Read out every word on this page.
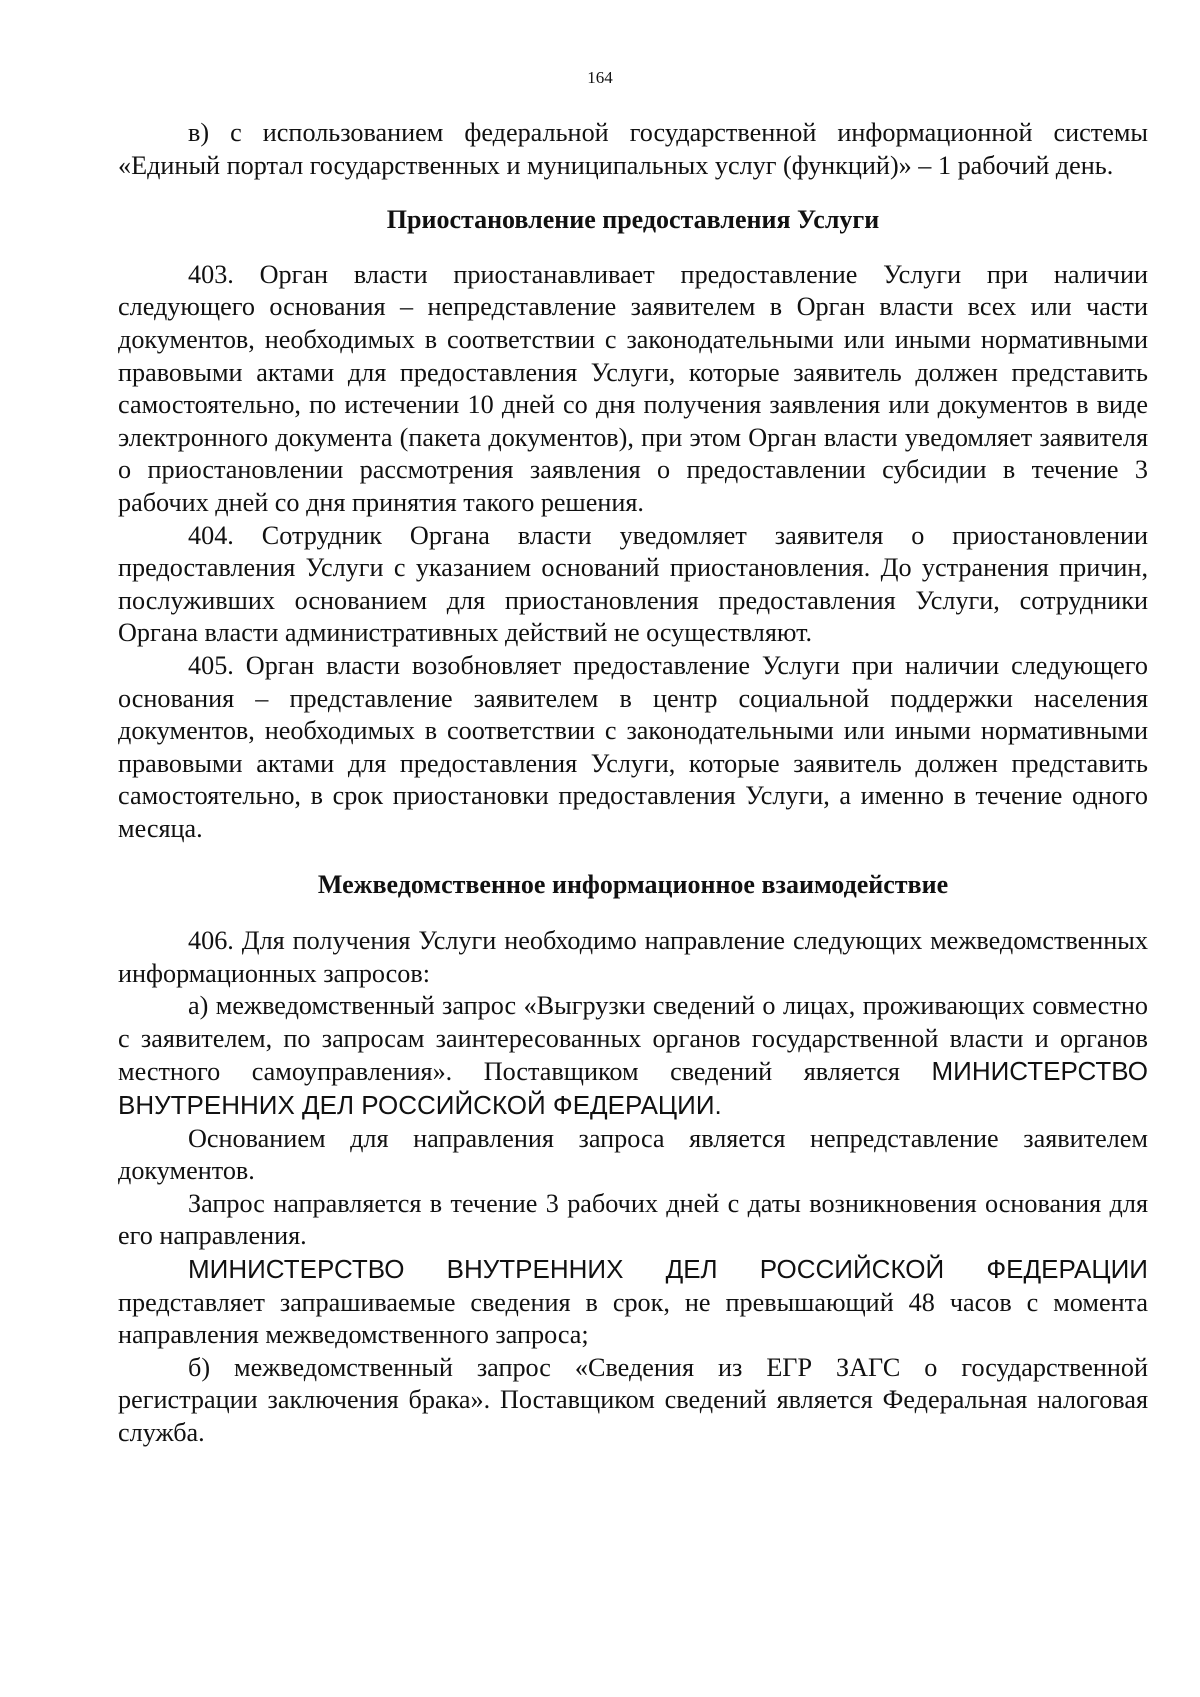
164

в) с использованием федеральной государственной информационной системы «Единый портал государственных и муниципальных услуг (функций)» – 1 рабочий день.

Приостановление предоставления Услуги

403. Орган власти приостанавливает предоставление Услуги при наличии следующего основания – непредставление заявителем в Орган власти всех или части документов, необходимых в соответствии с законодательными или иными нормативными правовыми актами для предоставления Услуги, которые заявитель должен представить самостоятельно, по истечении 10 дней со дня получения заявления или документов в виде электронного документа (пакета документов), при этом Орган власти уведомляет заявителя о приостановлении рассмотрения заявления о предоставлении субсидии в течение 3 рабочих дней со дня принятия такого решения.

404. Сотрудник Органа власти уведомляет заявителя о приостановлении предоставления Услуги с указанием оснований приостановления. До устранения причин, послуживших основанием для приостановления предоставления Услуги, сотрудники Органа власти административных действий не осуществляют.

405. Орган власти возобновляет предоставление Услуги при наличии следующего основания – представление заявителем в центр социальной поддержки населения документов, необходимых в соответствии с законодательными или иными нормативными правовыми актами для предоставления Услуги, которые заявитель должен представить самостоятельно, в срок приостановки предоставления Услуги, а именно в течение одного месяца.

Межведомственное информационное взаимодействие

406. Для получения Услуги необходимо направление следующих межведомственных информационных запросов:

а) межведомственный запрос «Выгрузки сведений о лицах, проживающих совместно с заявителем, по запросам заинтересованных органов государственной власти и органов местного самоуправления». Поставщиком сведений является МИНИСТЕРСТВО ВНУТРЕННИХ ДЕЛ РОССИЙСКОЙ ФЕДЕРАЦИИ.

Основанием для направления запроса является непредставление заявителем документов.

Запрос направляется в течение 3 рабочих дней с даты возникновения основания для его направления.

МИНИСТЕРСТВО ВНУТРЕННИХ ДЕЛ РОССИЙСКОЙ ФЕДЕРАЦИИ представляет запрашиваемые сведения в срок, не превышающий 48 часов с момента направления межведомственного запроса;

б) межведомственный запрос «Сведения из ЕГР ЗАГС о государственной регистрации заключения брака». Поставщиком сведений является Федеральная налоговая служба.
